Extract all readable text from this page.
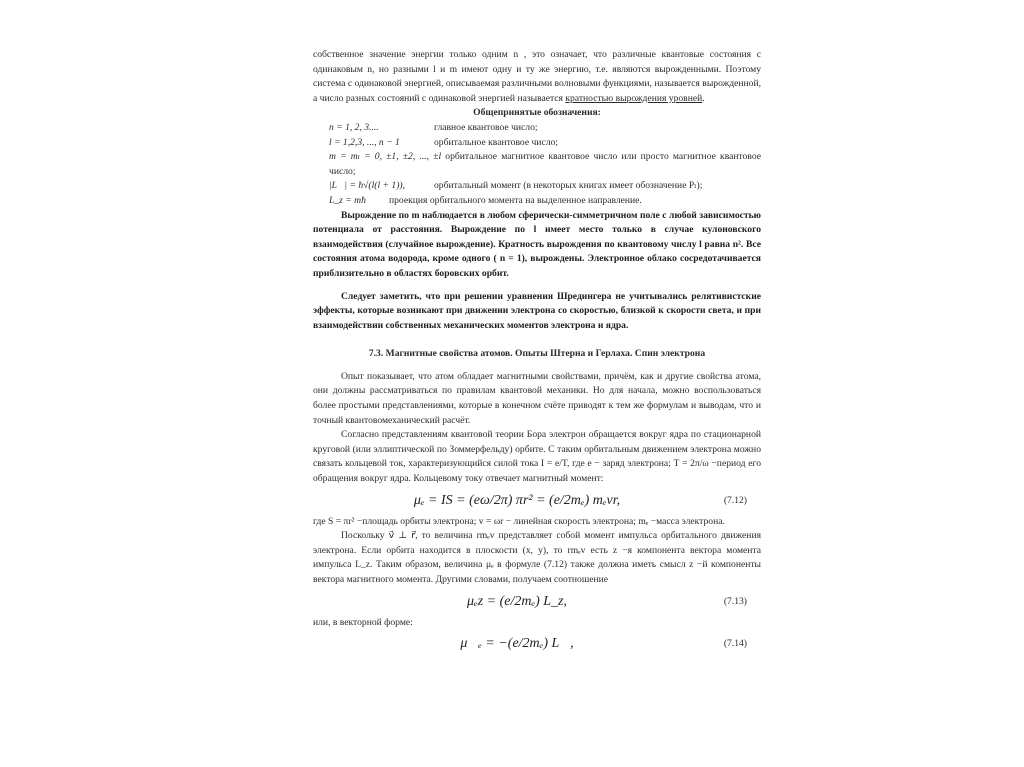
собственное значение энергии только одним n , это означает, что различные квантовые состояния с одинаковым n, но разными l и m имеют одну и ту же энергию, т.е. являются вырожденными. Поэтому система с одинаковой энергией, описываемая различными волновыми функциями, называется вырожденной, а число разных состояний с одинаковой энергией называется кратностью вырождения уровней.

Общепринятые обозначения:

n = 1, 2, 3....	главное квантовое число;
l = 1,2,3, ..., n − 1	орбитальное квантовое число;

m = mₗ = 0, ±1, ±2, ..., ±l орбитальное магнитное квантовое число или просто магнитное квантовое число;

|L⃗| = ħ√(l(l + 1)),	орбитальный момент (в некоторых книгах имеет обозначение Pₗ);
L_z = mħ	проекция орбитального момента на выделенное направление.

Вырождение по m наблюдается в любом сферически-симметричном поле с любой зависимостью потенциала от расстояния. Вырождение по l имеет место только в случае кулоновского взаимодействия (случайное вырождение). Кратность вырождения по квантовому числу l равна n². Все состояния атома водорода, кроме одного ( n = 1), вырождены. Электронное облако сосредотачивается приблизительно в областях боровских орбит.

Следует заметить, что при решении уравнения Шредингера не учитывались релятивистские эффекты, которые возникают при движении электрона со скоростью, близкой к скорости света, и при взаимодействии собственных механических моментов электрона и ядра.

7.3. Магнитные свойства атомов. Опыты Штерна и Герлаха. Спин электрона

Опыт показывает, что атом обладает магнитными свойствами, причём, как и другие свойства атома, они должны рассматриваться по правилам квантовой механики. Но для начала, можно воспользоваться более простыми представлениями, которые в конечном счёте приводят к тем же формулам и выводам, что и точный квантовомеханический расчёт.

Согласно представлениям квантовой теории Бора электрон обращается вокруг ядра по стационарной круговой (или эллиптической по Зоммерфельду) орбите. С таким орбитальным движением электрона можно связать кольцевой ток, характеризующийся силой тока I = e/T, где e − заряд электрона; T = 2π/ω −период его обращения вокруг ядра. Кольцевому току отвечает магнитный момент:

μₑ = IS = (eω/2π) πr² = (e/2mₑ) mₑvr,	(7.12)

где S = πr² −площадь орбиты электрона; v = ωr − линейная скорость электрона; mₑ −масса электрона.

Поскольку v⃗ ⊥ r⃗, то величина rmₑv представляет собой момент импульса орбитального движения электрона. Если орбита находится в плоскости (x, y), то rmₑv есть z −я компонента вектора момента импульса L_z. Таким образом, величина μₑ в формуле (7.12) также должна иметь смысл z −й компоненты вектора магнитного момента. Другими словами, получаем соотношение

μₑz = (e/2mₑ) L_z,	(7.13)

или, в векторной форме:

μ⃗ₑ = −(e/2mₑ) L⃗,	(7.14)
